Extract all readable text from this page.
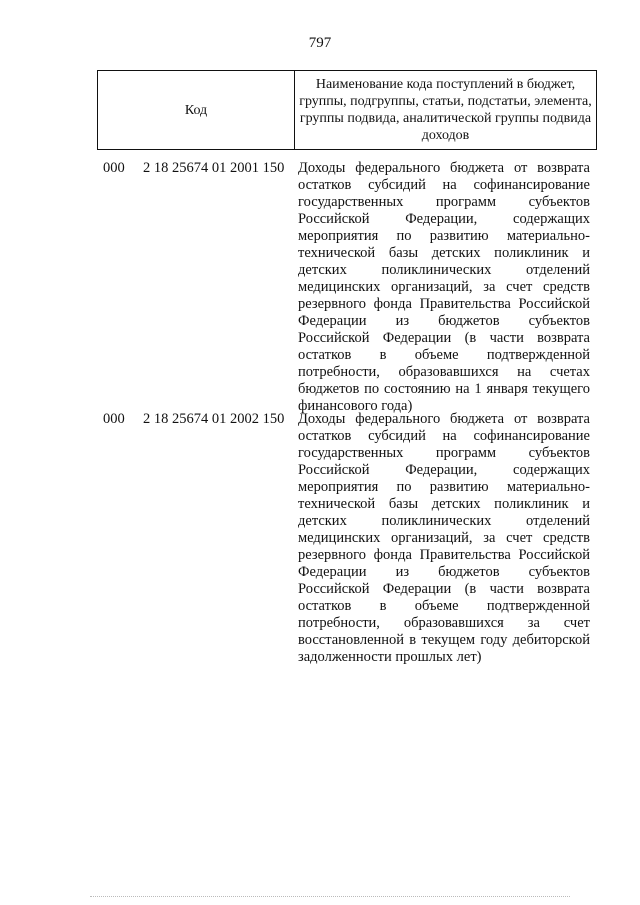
797
Код	Наименование кода поступлений в бюджет, группы, подгруппы, статьи, подстатьи, элемента, группы подвида, аналитической группы подвида доходов
000 2 18 25674 01 2001 150 Доходы федерального бюджета от возврата
остатков субсидий на софинансирование
государственных программ субъектов
Российской Федерации, содержащих
мероприятия по развитию материально-
технической базы детских поликлиник и
детских поликлинических отделений
медицинских организаций, за счет средств
резервного фонда Правительства Российской
Федерации из бюджетов субъектов
Российской Федерации (в части возврата
остатков в объеме подтвержденной
потребности, образовавшихся на счетах
бюджетов по состоянию на 1 января текущего
финансового года)
000 2 18 25674 01 2002 150 Доходы федерального бюджета от возврата
остатков субсидий на софинансирование
государственных программ субъектов
Российской Федерации, содержащих
мероприятия по развитию материально-
технической базы детских поликлиник и
детских поликлинических отделений
медицинских организаций, за счет средств
резервного фонда Правительства Российской
Федерации из бюджетов субъектов
Российской Федерации (в части возврата
остатков в объеме подтвержденной
потребности, образовавшихся за счет
восстановленной в текущем году дебиторской
задолженности прошлых лет)
